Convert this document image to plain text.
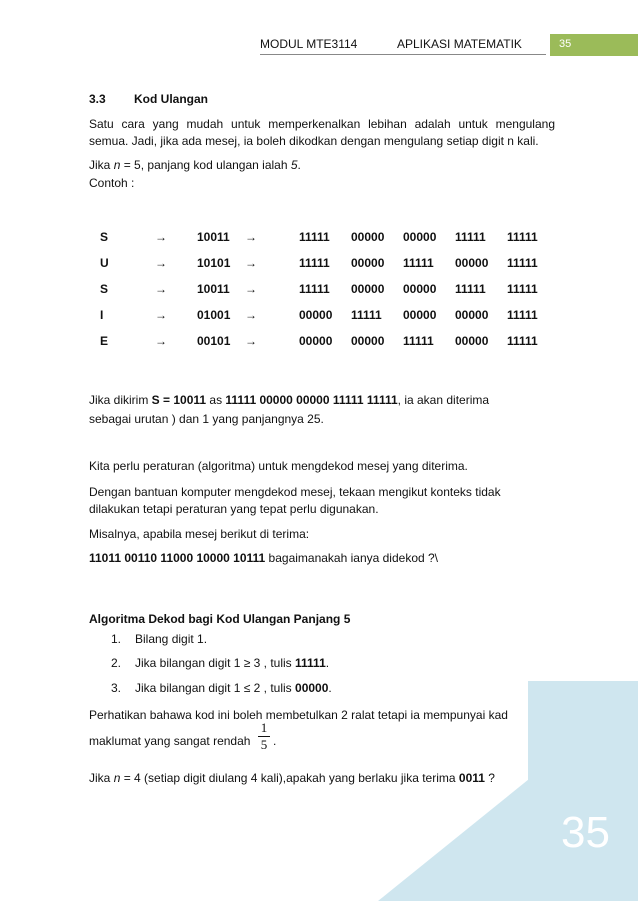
MODUL MTE3114	APLIKASI MATEMATIK	35
3.3 Kod Ulangan
Satu cara yang mudah untuk memperkenalkan lebihan adalah untuk mengulang semua. Jadi, jika ada mesej, ia boleh dikodkan dengan mengulang setiap digit n kali.
Jika n = 5, panjang kod ulangan ialah 5.
Contoh :
S	→	10011	→	11111	00000	00000	11111	11111
U	→	10101	→	11111	00000	11111	00000	11111
S	→	10011	→	11111	00000	00000	11111	11111
I	→	01001	→	00000	11111	00000	00000	11111
E	→	00101	→	00000	00000	11111	00000	11111
Jika dikirim S = 10011 as 11111 00000 00000 11111 11111, ia akan diterima
sebagai urutan ) dan 1 yang panjangnya 25.
Kita perlu peraturan (algoritma) untuk mengdekod mesej yang diterima.
Dengan bantuan komputer mengdekod mesej, tekaan mengikut konteks tidak
dilakukan tetapi peraturan yang tepat perlu digunakan.
Misalnya, apabila mesej berikut di terima:
11011 00110 11000 10000 10111 bagaimanakah ianya didekod ?\
Algoritma Dekod bagi Kod Ulangan Panjang 5
1. Bilang digit 1.
2. Jika bilangan digit 1 ≥ 3 , tulis 11111.
3. Jika bilangan digit 1 ≤ 2 , tulis 00000.
Perhatikan bahawa kod ini boleh membetulkan 2 ralat tetapi ia mempunyai kad
maklumat yang sangat rendah
1
5 .
Jika n = 4 (setiap digit diulang 4 kali),apakah yang berlaku jika terima 0011 ?
35
